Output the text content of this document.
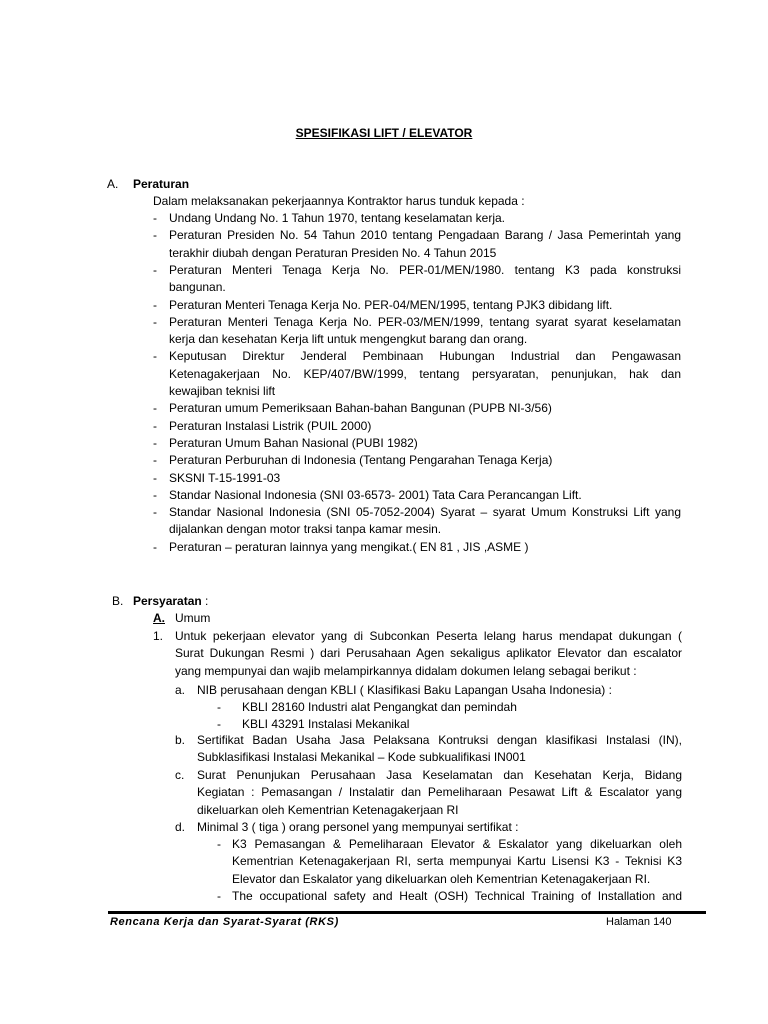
SPESIFIKASI LIFT / ELEVATOR
A. Peraturan
Dalam melaksanakan pekerjaannya Kontraktor harus tunduk kepada :
- Undang Undang No. 1 Tahun 1970, tentang keselamatan kerja.
- Peraturan Presiden No. 54 Tahun 2010 tentang Pengadaan Barang / Jasa Pemerintah yang
terakhir diubah dengan Peraturan Presiden No. 4 Tahun 2015
- Peraturan Menteri Tenaga Kerja No. PER-01/MEN/1980. tentang K3 pada konstruksi
bangunan.
- Peraturan Menteri Tenaga Kerja No. PER-04/MEN/1995, tentang PJK3 dibidang lift.
- Peraturan Menteri Tenaga Kerja No. PER-03/MEN/1999, tentang syarat syarat keselamatan
kerja dan kesehatan Kerja lift untuk mengengkut barang dan orang.
- Keputusan Direktur Jenderal Pembinaan Hubungan Industrial dan Pengawasan
Ketenagakerjaan No. KEP/407/BW/1999, tentang persyaratan, penunjukan, hak dan
kewajiban teknisi lift
- Peraturan umum Pemeriksaan Bahan-bahan Bangunan (PUPB NI-3/56)
- Peraturan Instalasi Listrik (PUIL 2000)
- Peraturan Umum Bahan Nasional (PUBI 1982)
- Peraturan Perburuhan di Indonesia (Tentang Pengarahan Tenaga Kerja)
- SKSNI T-15-1991-03
- Standar Nasional Indonesia (SNI 03-6573- 2001) Tata Cara Perancangan Lift.
- Standar Nasional Indonesia (SNI 05-7052-2004) Syarat – syarat Umum Konstruksi Lift yang
dijalankan dengan motor traksi tanpa kamar mesin.
- Peraturan – peraturan lainnya yang mengikat.( EN 81 , JIS ,ASME )
B. Persyaratan :
A. Umum
1. Untuk pekerjaan elevator yang di Subconkan Peserta lelang harus mendapat dukungan (
Surat Dukungan Resmi ) dari Perusahaan Agen sekaligus aplikator Elevator dan escalator
yang mempunyai dan wajib melampirkannya didalam dokumen lelang sebagai berikut :
a. NIB perusahaan dengan KBLI ( Klasifikasi Baku Lapangan Usaha Indonesia) :
- KBLI 28160 Industri alat Pengangkat dan pemindah
- KBLI 43291 Instalasi Mekanikal
b. Sertifikat Badan Usaha Jasa Pelaksana Kontruksi dengan klasifikasi Instalasi (IN),
Subklasifikasi Instalasi Mekanikal – Kode subkualifikasi IN001
c. Surat Penunjukan Perusahaan Jasa Keselamatan dan Kesehatan Kerja, Bidang
Kegiatan : Pemasangan / Instalatir dan Pemeliharaan Pesawat Lift & Escalator yang
dikeluarkan oleh Kementrian Ketenagakerjaan RI
d. Minimal 3 ( tiga ) orang personel yang mempunyai sertifikat :
- K3 Pemasangan & Pemeliharaan Elevator & Eskalator yang dikeluarkan oleh
Kementrian Ketenagakerjaan RI, serta mempunyai Kartu Lisensi K3 - Teknisi K3
Elevator dan Eskalator yang dikeluarkan oleh Kementrian Ketenagakerjaan RI.
- The occupational safety and Healt (OSH) Technical Training of Installation and
Rencana Kerja dan Syarat-Syarat (RKS)	Halaman 140
